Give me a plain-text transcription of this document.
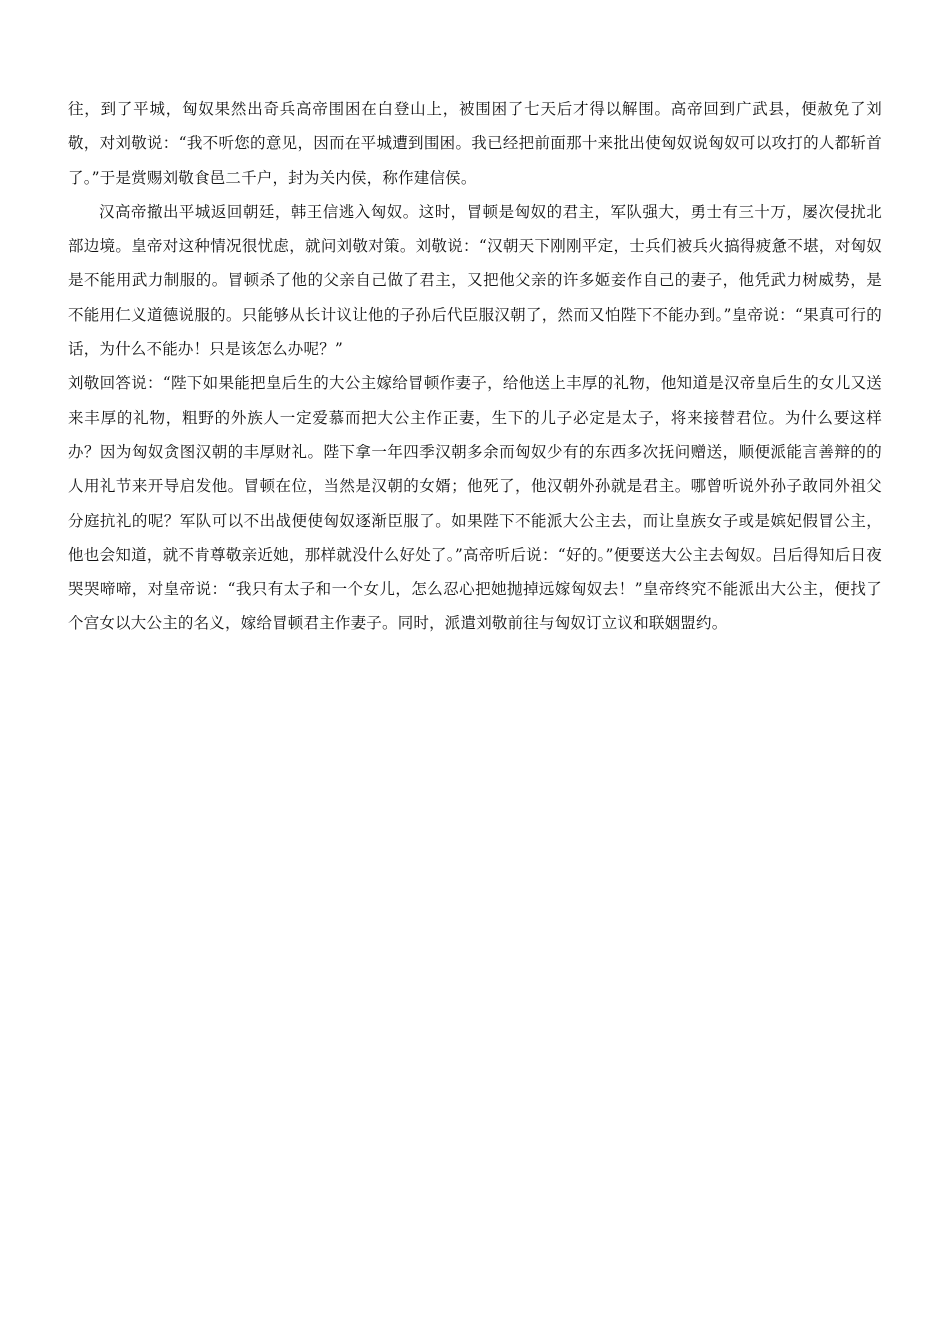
往，到了平城，匈奴果然出奇兵高帝围困在白登山上，被围困了七天后才得以解围。高帝回到广武县，便赦免了刘敬，对刘敬说：“我不听您的意见，因而在平城遭到围困。我已经把前面那十来批出使匈奴说匈奴可以攻打的人都斩首了。”于是赏赐刘敬食邑二千户，封为关内侯，称作建信侯。

汉高帝撤出平城返回朝廷，韩王信逃入匈奴。这时，冒顿是匈奴的君主，军队强大，勇士有三十万，屡次侵扰北部边境。皇帝对这种情况很忧虑，就问刘敬对策。刘敬说：“汉朝天下刚刚平定，士兵们被兵火搞得疲惫不堪，对匈奴是不能用武力制服的。冒顿杀了他的父亲自己做了君主，又把他父亲的许多姬妾作自己的妻子，他凭武力树威势，是不能用仁义道德说服的。只能够从长计议让他的子孙后代臣服汉朝了，然而又怕陛下不能办到。”皇帝说：“果真可行的话，为什么不能办！只是该怎么办呢？”

刘敬回答说：“陛下如果能把皇后生的大公主嫁给冒顿作妻子，给他送上丰厚的礼物，他知道是汉帝皇后生的女儿又送来丰厚的礼物，粗野的外族人一定爱慕而把大公主作正妻，生下的儿子必定是太子，将来接替君位。为什么要这样办？因为匈奴贪图汉朝的丰厚财礼。陛下拿一年四季汉朝多余而匈奴少有的东西多次抚问赠送，顺便派能言善辩的的人用礼节来开导启发他。冒顿在位，当然是汉朝的女婿；他死了，他汉朝外孙就是君主。哪曾听说外孙子敢同外祖父分庭抗礼的呢？军队可以不出战便使匈奴逐渐臣服了。如果陛下不能派大公主去，而让皇族女子或是嫔妃假冒公主，他也会知道，就不肯尊敬亲近她，那样就没什么好处了。”高帝听后说：“好的。”便要送大公主去匈奴。吕后得知后日夜哭哭啼啼，对皇帝说：“我只有太子和一个女儿，怎么忍心把她抛掉远嫁匈奴去！”皇帝终究不能派出大公主，便找了个宫女以大公主的名义，嫁给冒顿君主作妻子。同时，派遣刘敬前往与匈奴订立议和联姻盟约。
